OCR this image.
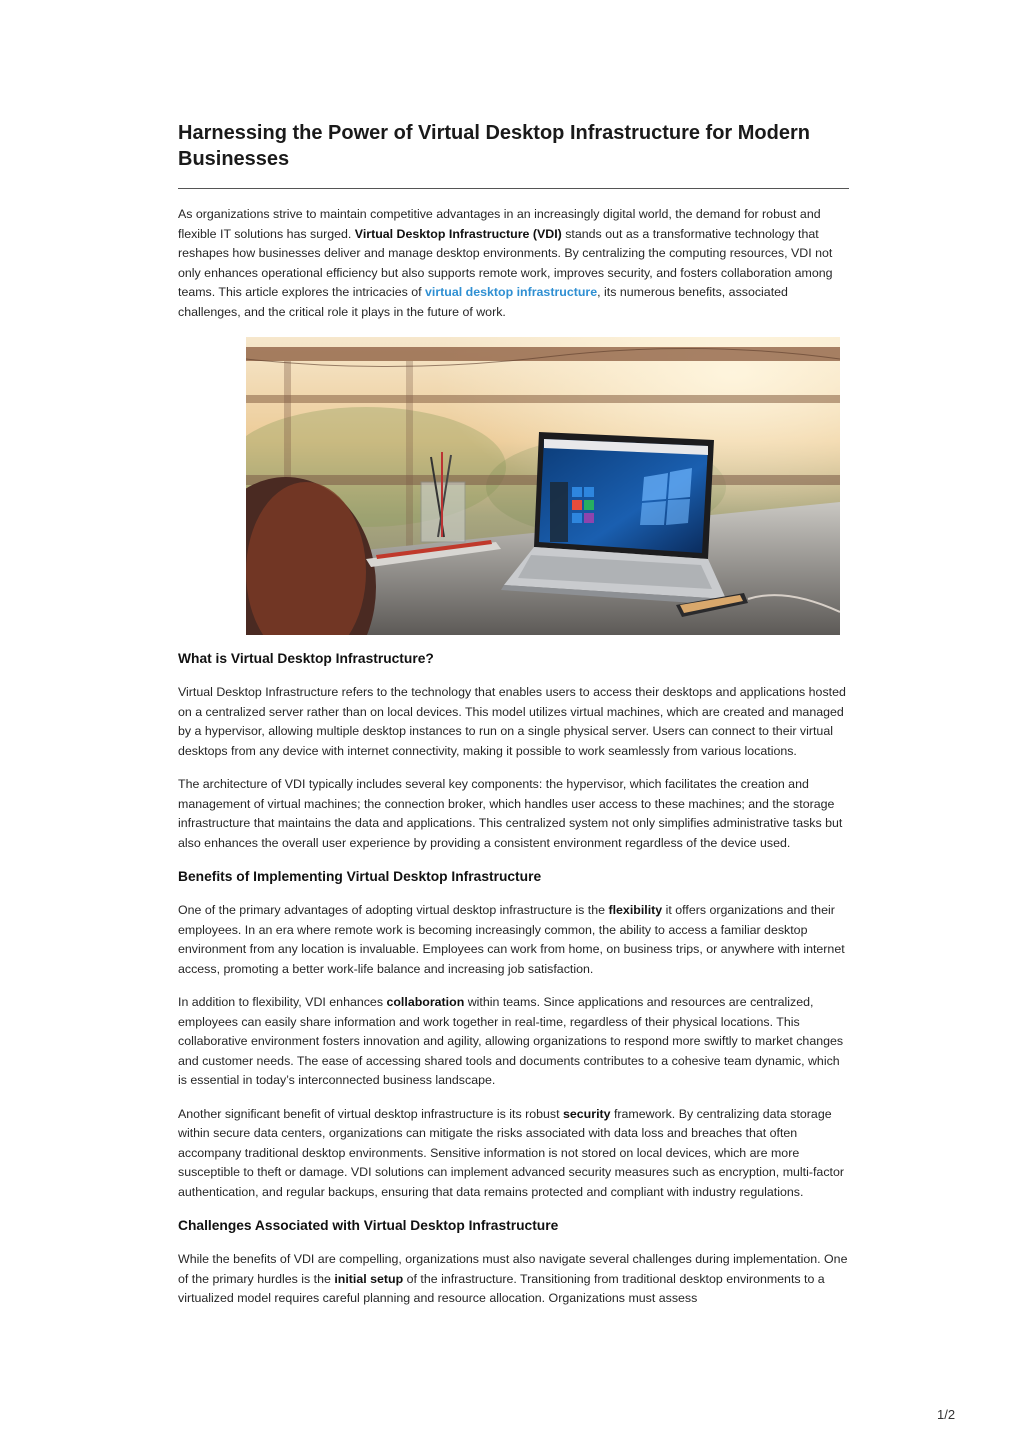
Harnessing the Power of Virtual Desktop Infrastructure for Modern Businesses

As organizations strive to maintain competitive advantages in an increasingly digital world, the demand for robust and flexible IT solutions has surged. Virtual Desktop Infrastructure (VDI) stands out as a transformative technology that reshapes how businesses deliver and manage desktop environments. By centralizing the computing resources, VDI not only enhances operational efficiency but also supports remote work, improves security, and fosters collaboration among teams. This article explores the intricacies of virtual desktop infrastructure, its numerous benefits, associated challenges, and the critical role it plays in the future of work.

What is Virtual Desktop Infrastructure?

Virtual Desktop Infrastructure refers to the technology that enables users to access their desktops and applications hosted on a centralized server rather than on local devices. This model utilizes virtual machines, which are created and managed by a hypervisor, allowing multiple desktop instances to run on a single physical server. Users can connect to their virtual desktops from any device with internet connectivity, making it possible to work seamlessly from various locations.

The architecture of VDI typically includes several key components: the hypervisor, which facilitates the creation and management of virtual machines; the connection broker, which handles user access to these machines; and the storage infrastructure that maintains the data and applications. This centralized system not only simplifies administrative tasks but also enhances the overall user experience by providing a consistent environment regardless of the device used.

Benefits of Implementing Virtual Desktop Infrastructure

One of the primary advantages of adopting virtual desktop infrastructure is the flexibility it offers organizations and their employees. In an era where remote work is becoming increasingly common, the ability to access a familiar desktop environment from any location is invaluable. Employees can work from home, on business trips, or anywhere with internet access, promoting a better work-life balance and increasing job satisfaction.

In addition to flexibility, VDI enhances collaboration within teams. Since applications and resources are centralized, employees can easily share information and work together in real-time, regardless of their physical locations. This collaborative environment fosters innovation and agility, allowing organizations to respond more swiftly to market changes and customer needs. The ease of accessing shared tools and documents contributes to a cohesive team dynamic, which is essential in today’s interconnected business landscape.

Another significant benefit of virtual desktop infrastructure is its robust security framework. By centralizing data storage within secure data centers, organizations can mitigate the risks associated with data loss and breaches that often accompany traditional desktop environments. Sensitive information is not stored on local devices, which are more susceptible to theft or damage. VDI solutions can implement advanced security measures such as encryption, multi-factor authentication, and regular backups, ensuring that data remains protected and compliant with industry regulations.

Challenges Associated with Virtual Desktop Infrastructure

While the benefits of VDI are compelling, organizations must also navigate several challenges during implementation. One of the primary hurdles is the initial setup of the infrastructure. Transitioning from traditional desktop environments to a virtualized model requires careful planning and resource allocation. Organizations must assess

1/2
